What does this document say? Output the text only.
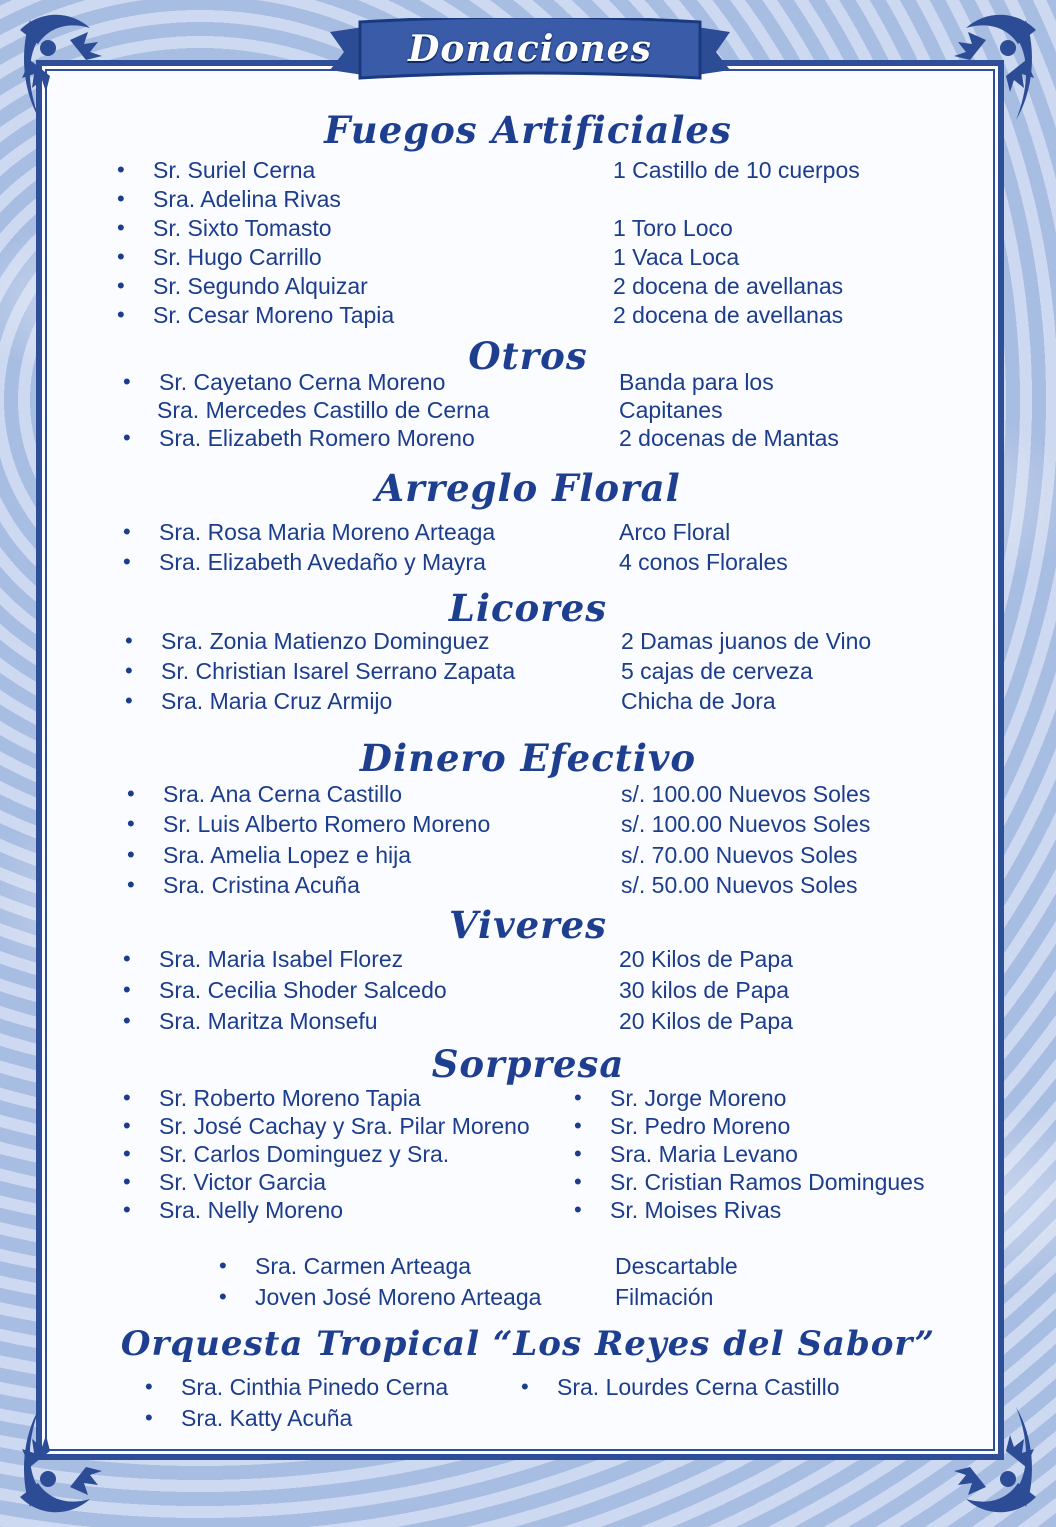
Donaciones
Fuegos Artificiales
• Sr. Suriel Cerna	1 Castillo de 10 cuerpos
• Sra. Adelina Rivas
• Sr. Sixto Tomasto	1 Toro Loco
• Sr. Hugo Carrillo	1 Vaca Loca
• Sr. Segundo Alquizar	2 docena de avellanas
• Sr. Cesar Moreno Tapia	2 docena de avellanas
Otros
• Sr. Cayetano Cerna Moreno	Banda para los
Sra. Mercedes Castillo de Cerna	Capitanes
• Sra. Elizabeth Romero Moreno	2 docenas de Mantas
Arreglo Floral
• Sra. Rosa Maria Moreno Arteaga	Arco Floral
• Sra. Elizabeth Avedaño y Mayra	4 conos Florales
Licores
• Sra. Zonia Matienzo Dominguez	2 Damas juanos de Vino
• Sr. Christian Isarel Serrano Zapata	5 cajas de cerveza
• Sra. Maria Cruz Armijo	Chicha de Jora
Dinero Efectivo
• Sra. Ana Cerna Castillo	s/. 100.00 Nuevos Soles
• Sr. Luis Alberto Romero Moreno	s/. 100.00 Nuevos Soles
• Sra. Amelia Lopez e hija	s/. 70.00 Nuevos Soles
• Sra. Cristina Acuña	s/. 50.00 Nuevos Soles
Viveres
• Sra. Maria Isabel Florez	20 Kilos de Papa
• Sra. Cecilia Shoder Salcedo	30 kilos de Papa
• Sra. Maritza Monsefu	20 Kilos de Papa
Sorpresa
• Sr. Roberto Moreno Tapia
• Sr. José Cachay y Sra. Pilar Moreno
• Sr. Carlos Dominguez y Sra.
• Sr. Victor Garcia
• Sra. Nelly Moreno
• Sr. Jorge Moreno
• Sr. Pedro Moreno
• Sra. Maria Levano
• Sr. Cristian Ramos Domingues
• Sr. Moises Rivas
• Sra. Carmen Arteaga	Descartable
• Joven José Moreno Arteaga	Filmación
Orquesta Tropical “Los Reyes del Sabor”
• Sra. Cinthia Pinedo Cerna
• Sra. Katty Acuña
• Sra. Lourdes Cerna Castillo
